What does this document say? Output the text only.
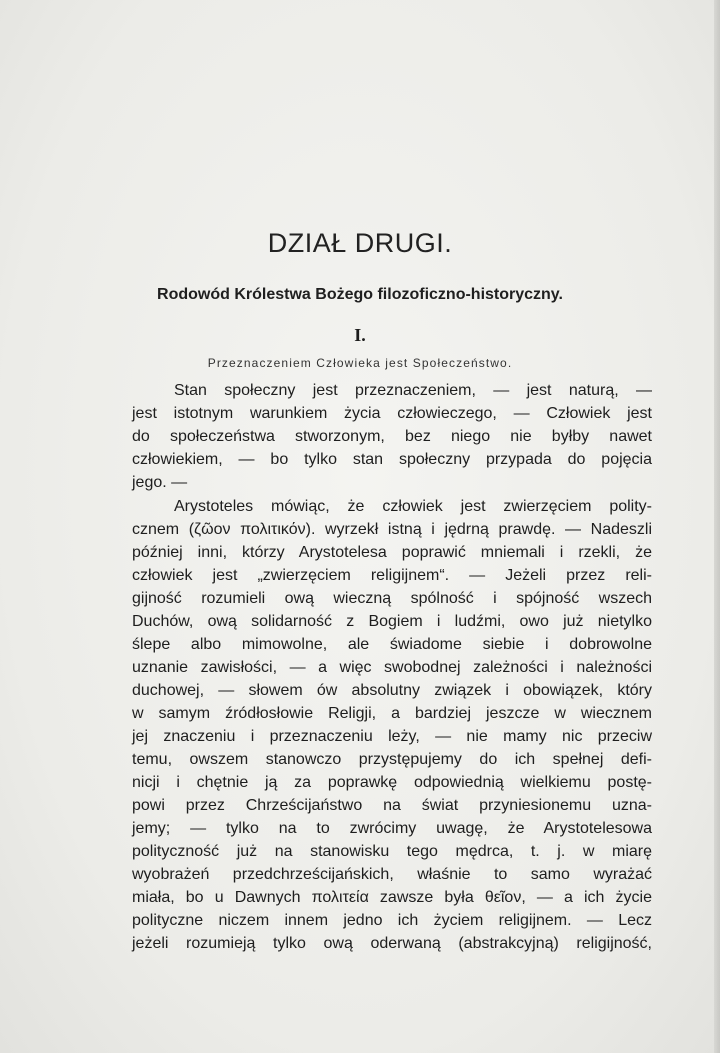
DZIAŁ DRUGI.
Rodowód Królestwa Bożego filozoficzno-historyczny.
I.
Przeznaczeniem Człowieka jest Społeczeństwo.
Stan społeczny jest przeznaczeniem, — jest naturą, —
jest istotnym warunkiem życia człowieczego, — Człowiek jest
do społeczeństwa stworzonym, bez niego nie byłby nawet
człowiekiem, — bo tylko stan społeczny przypada do pojęcia
jego. —
Arystoteles mówiąc, że człowiek jest zwierzęciem polity-
cznem (ζῶον πολιτικόν). wyrzekł istną i jędrną prawdę. — Nadeszli
później inni, którzy Arystotelesa poprawić mniemali i rzekli, że
człowiek jest „zwierzęciem religijnem“. — Jeżeli przez reli-
gijność rozumieli ową wieczną spólność i spójność wszech
Duchów, ową solidarność z Bogiem i ludźmi, owo już nietylko
ślepe albo mimowolne, ale świadome siebie i dobrowolne
uznanie zawisłości, — a więc swobodnej zależności i należności
duchowej, — słowem ów absolutny związek i obowiązek, który
w samym źródłosłowie Religji, a bardziej jeszcze w wiecznem
jej znaczeniu i przeznaczeniu leży, — nie mamy nic przeciw
temu, owszem stanowczo przystępujemy do ich spełnej defi-
nicji i chętnie ją za poprawkę odpowiednią wielkiemu postę-
powi przez Chrześcijaństwo na świat przyniesionemu uzna-
jemy; — tylko na to zwrócimy uwagę, że Arystotelesowa
polityczność już na stanowisku tego mędrca, t. j. w miarę
wyobrażeń przedchrześcijańskich, właśnie to samo wyrażać
miała, bo u Dawnych πολιτεία zawsze była θεῖον, — a ich życie
polityczne niczem innem jedno ich życiem religijnem. — Lecz
jeżeli rozumieją tylko ową oderwaną (abstrakcyjną) religijność,
